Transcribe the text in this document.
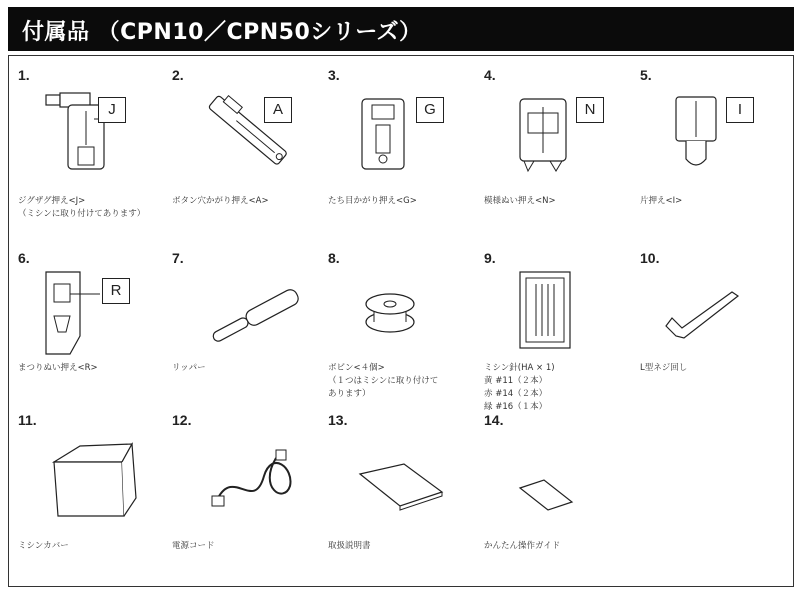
付属品 （CPN10／CPN50シリーズ）
1.
J
ジグザグ押え<J>
（ミシンに取り付けてあります）
2.
A
ボタン穴かがり押え<A>
3.
G
たち目かがり押え<G>
4.
N
模様ぬい押え<N>
5.
I
片押え<I>
6.
R
まつりぬい押え<R>
7.
リッパー
8.
ボビン<４個>
（１つはミシンに取り付けて
あります）
9.
ミシン針(HA × 1)
黄 #11（２本）
赤 #14（２本）
緑 #16（１本）
10.
L型ネジ回し
11.
ミシンカバー
12.
電源コード
13.
取扱説明書
14.
かんたん操作ガイド
